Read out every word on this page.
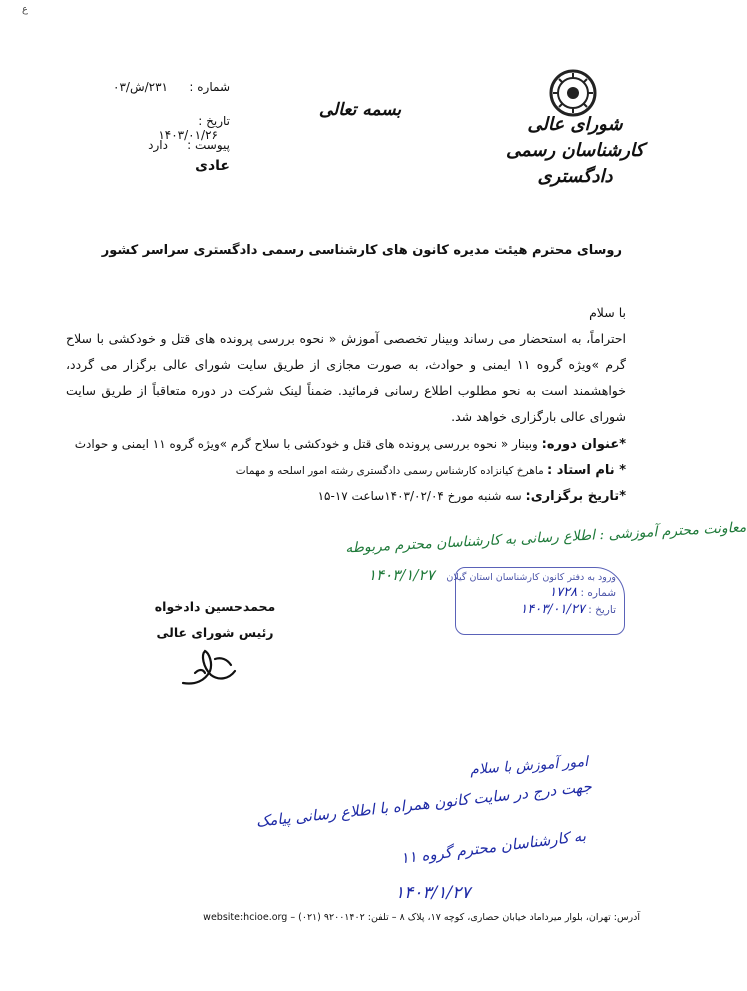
ع
شماره :۲۳۱/ش/۰۳
تاریخ :۱۴۰۳/۰۱/۲۶
پیوست :دارد
عادی
بسمه تعالی
شورای عالی
کارشناسان رسمی دادگستری
روسای محترم هیئت مدیره کانون های کارشناسی رسمی دادگستری سراسر کشور

با سلام

احتراماً، به استحضار می رساند وبینار تخصصی آموزش « نحوه بررسی پرونده های قتل و خودکشی با سلاح گرم »ویژه گروه ۱۱ ایمنی و حوادث، به صورت مجازی از طریق سایت شورای عالی برگزار می گردد، خواهشمند است به نحو مطلوب اطلاع رسانی فرمائید. ضمناً لینک شرکت در دوره متعاقباً از طریق سایت شورای عالی بارگزاری خواهد شد.

*عنوان دوره: وبینار « نحوه بررسی پرونده های قتل و خودکشی با سلاح گرم »ویژه گروه ۱۱ ایمنی و حوادث
* نام استاد : ماهرخ کیانزاده کارشناس رسمی دادگستری رشته امور اسلحه و مهمات
*تاریخ برگزاری: سه شنبه مورخ ۱۴۰۳/۰۲/۰۴ساعت ۱۷-۱۵
معاونت محترم آموزشی : اطلاع رسانی به کارشناسان محترم مربوطه
۱۴۰۳/۱/۲۷ ورود به دفتر کانون کارشناسان استان گیلان
شماره : ۱۷۲۸
تاریخ : ۱۴۰۳/۰۱/۲۷
محمدحسین دادخواه
رئیس شورای عالی
امور آموزش با سلام
جهت درج در سایت کانون همراه با اطلاع رسانی پیامک
به کارشناسان محترم گروه ۱۱
۱۴۰۳/۱/۲۷
آدرس: تهران، بلوار میرداماد خیابان حصاری، کوچه ۱۷، پلاک ۸ – تلفن: ۹۲۰۰۱۴۰۲ (۰۲۱) – website:hcioe.org
